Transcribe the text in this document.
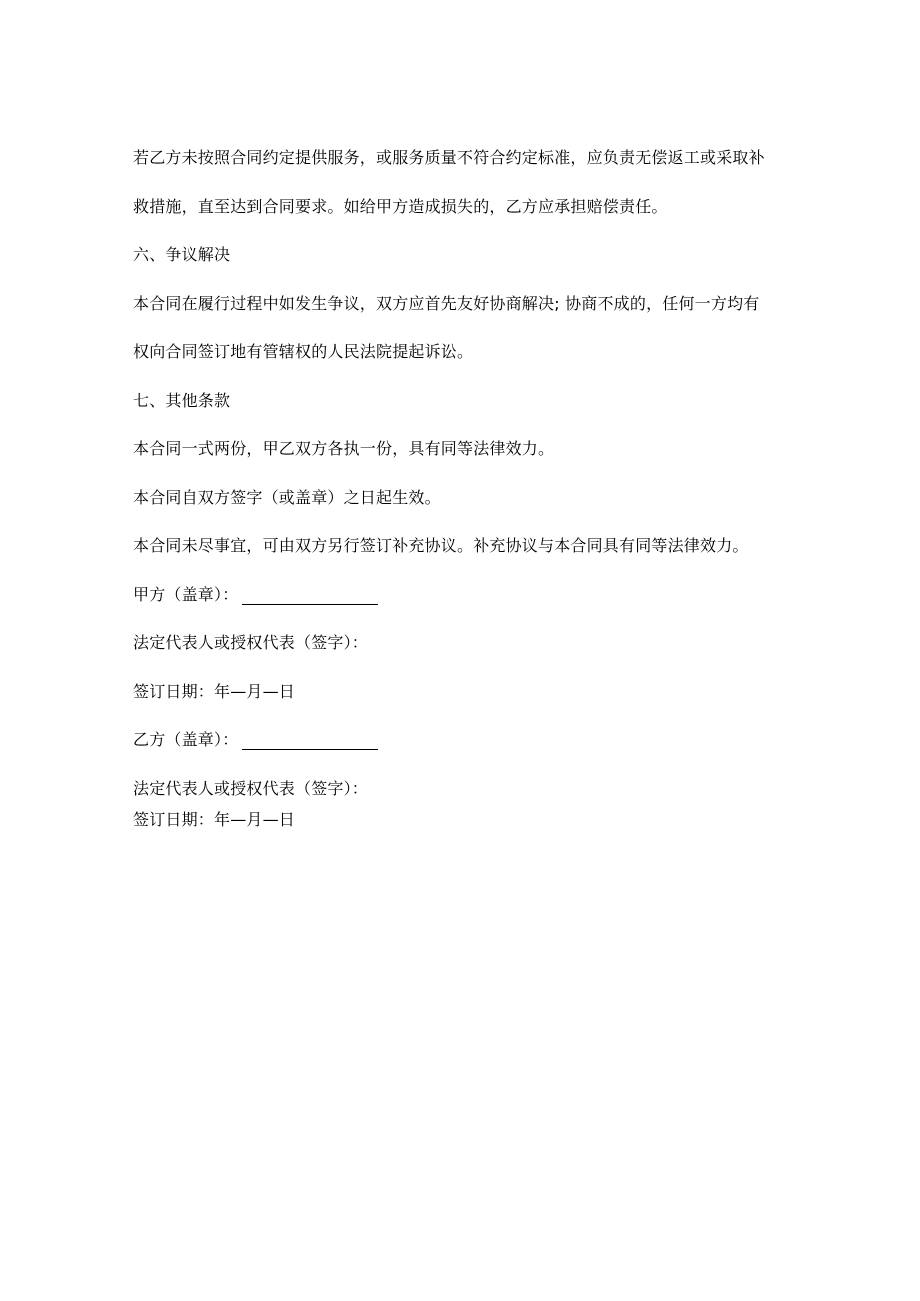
若乙方未按照合同约定提供服务，或服务质量不符合约定标准，应负责无偿返工或采取补
救措施，直至达到合同要求。如给甲方造成损失的，乙方应承担赔偿责任。
六、争议解决
本合同在履行过程中如发生争议，双方应首先友好协商解决; 协商不成的，任何一方均有
权向合同签订地有管辖权的人民法院提起诉讼。
七、其他条款
本合同一式两份，甲乙双方各执一份，具有同等法律效力。
本合同自双方签字（或盖章）之日起生效。
本合同未尽事宜，可由双方另行签订补充协议。补充协议与本合同具有同等法律效力。
甲方（盖章）：
法定代表人或授权代表（签字）：
签订日期：年—月—日
乙方（盖章）：
法定代表人或授权代表（签字）：
签订日期：年—月—日
